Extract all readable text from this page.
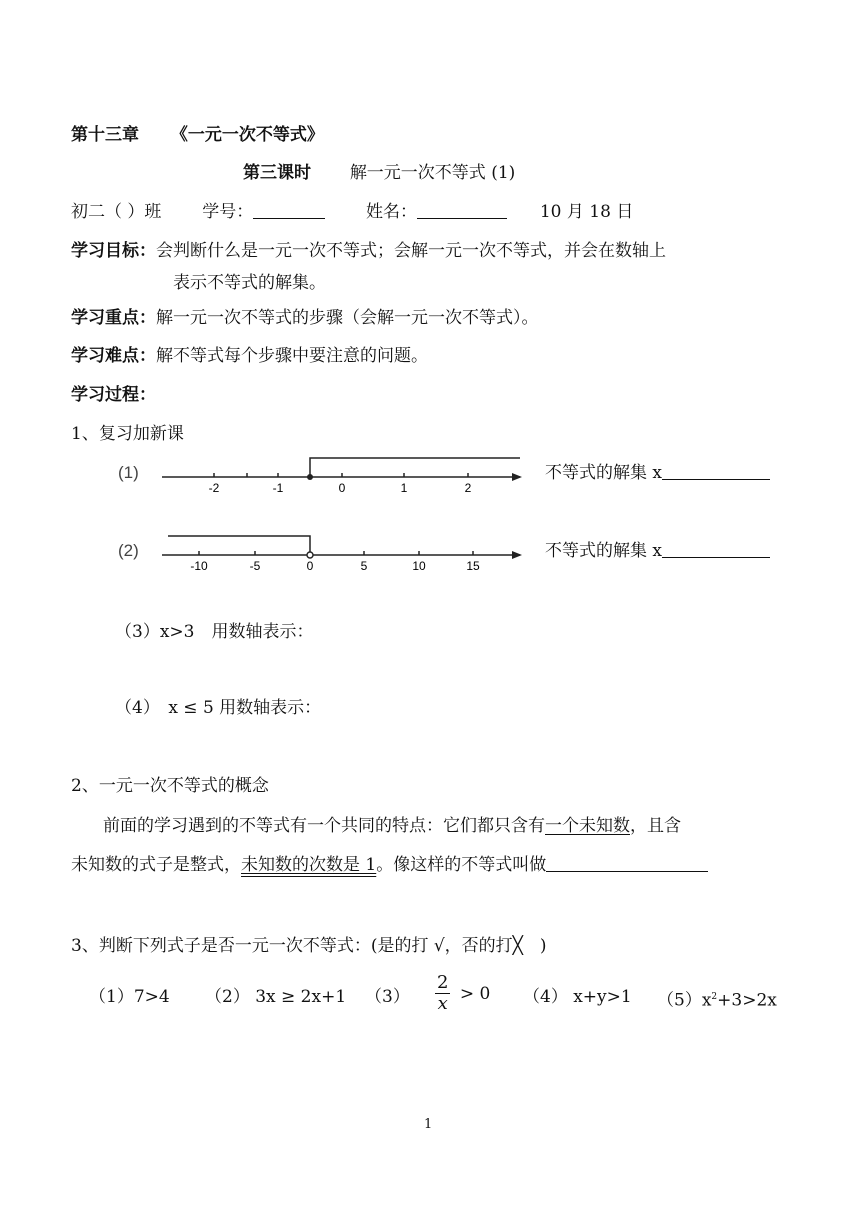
第十三章 《一元一次不等式》
第三课时 解一元一次不等式 (1)
初二（ ）班 学号：	姓名：	10 月 18 日
学习目标：会判断什么是一元一次不等式；会解一元一次不等式，并会在数轴上
表示不等式的解集。
学习重点：解一元一次不等式的步骤（会解一元一次不等式）。
学习难点：解不等式每个步骤中要注意的问题。
学习过程：
1、复习加新课
(1)
-2	-1	0	1	2
不等式的解集 x
(2)
-10	-5	0	5	10	15
不等式的解集 x
（3）x>3　用数轴表示：
（4）　x ≤ 5 用数轴表示：
2、一元一次不等式的概念
前面的学习遇到的不等式有一个共同的特点：它们都只含有一个未知数，且含
未知数的式子是整式，未知数的次数是 1。像这样的不等式叫做
3、判断下列式子是否一元一次不等式：(是的打 √，否的打╳　)
（1）7>4 （2） 3x ≥ 2x+1 $(3) \frac{2}{x} > 0$ （4） x+y>1 $(5)x^2+3>2x$
1
